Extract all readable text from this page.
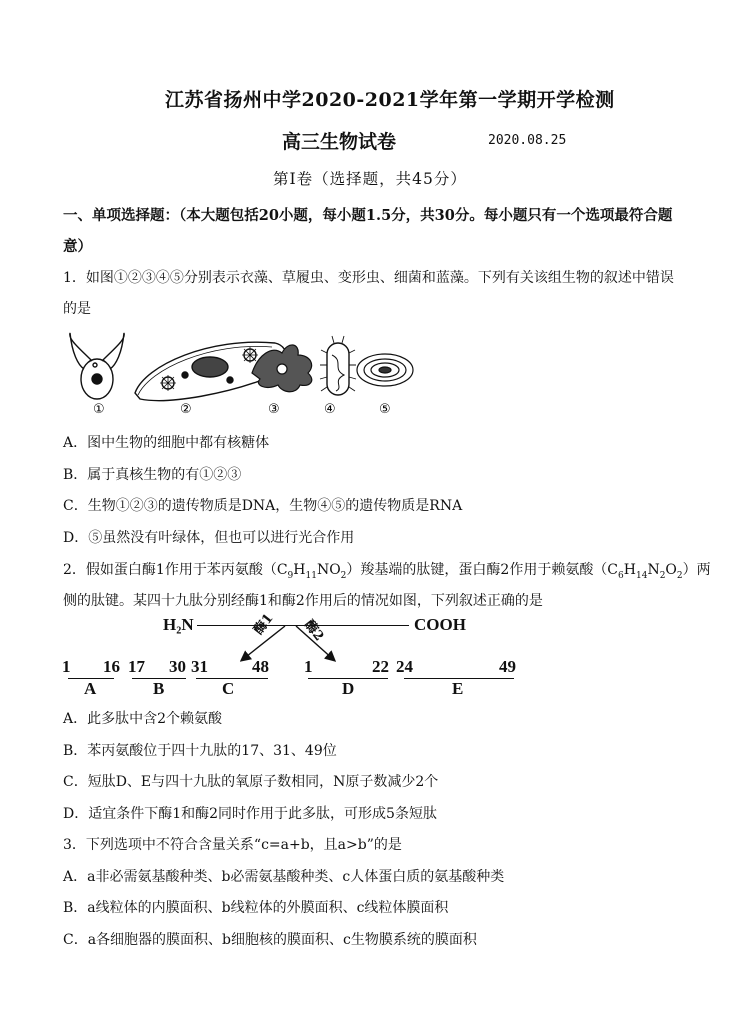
江苏省扬州中学2020-2021学年第一学期开学检测
高三生物试卷	2020.08.25
第Ⅰ卷（选择题，共45分）
一、单项选择题：（本大题包括20小题，每小题1.5分，共30分。每小题只有一个选项最符合题
意）
1．如图①②③④⑤分别表示衣藻、草履虫、变形虫、细菌和蓝藻。下列有关该组生物的叙述中错误
的是
①	②	③	④	⑤
A．图中生物的细胞中都有核糖体
B．属于真核生物的有①②③
C．生物①②③的遗传物质是DNA，生物④⑤的遗传物质是RNA
D．⑤虽然没有叶绿体，但也可以进行光合作用
2．假如蛋白酶1作用于苯丙氨酸$(C_9H_{11}NO_2)$羧基端的肽键，蛋白酶2作用于赖氨酸$(C_6H_{14}N_2O_2)$两
侧的肽键。某四十九肽分别经酶1和酶2作用后的情况如图，下列叙述正确的是
H₂N	COOH
酶1 酶2
1 16
A
17 30
B
31	48
C
1	22
D
24	49
E
A．此多肽中含2个赖氨酸
B．苯丙氨酸位于四十九肽的17、31、49位
C．短肽D、E与四十九肽的氧原子数相同，N原子数减少2个
D．适宜条件下酶1和酶2同时作用于此多肽，可形成5条短肽
3．下列选项中不符合含量关系“c=a+b，且a>b”的是
A．a非必需氨基酸种类、b必需氨基酸种类、c人体蛋白质的氨基酸种类
B．a线粒体的内膜面积、b线粒体的外膜面积、c线粒体膜面积
C．a各细胞器的膜面积、b细胞核的膜面积、c生物膜系统的膜面积
